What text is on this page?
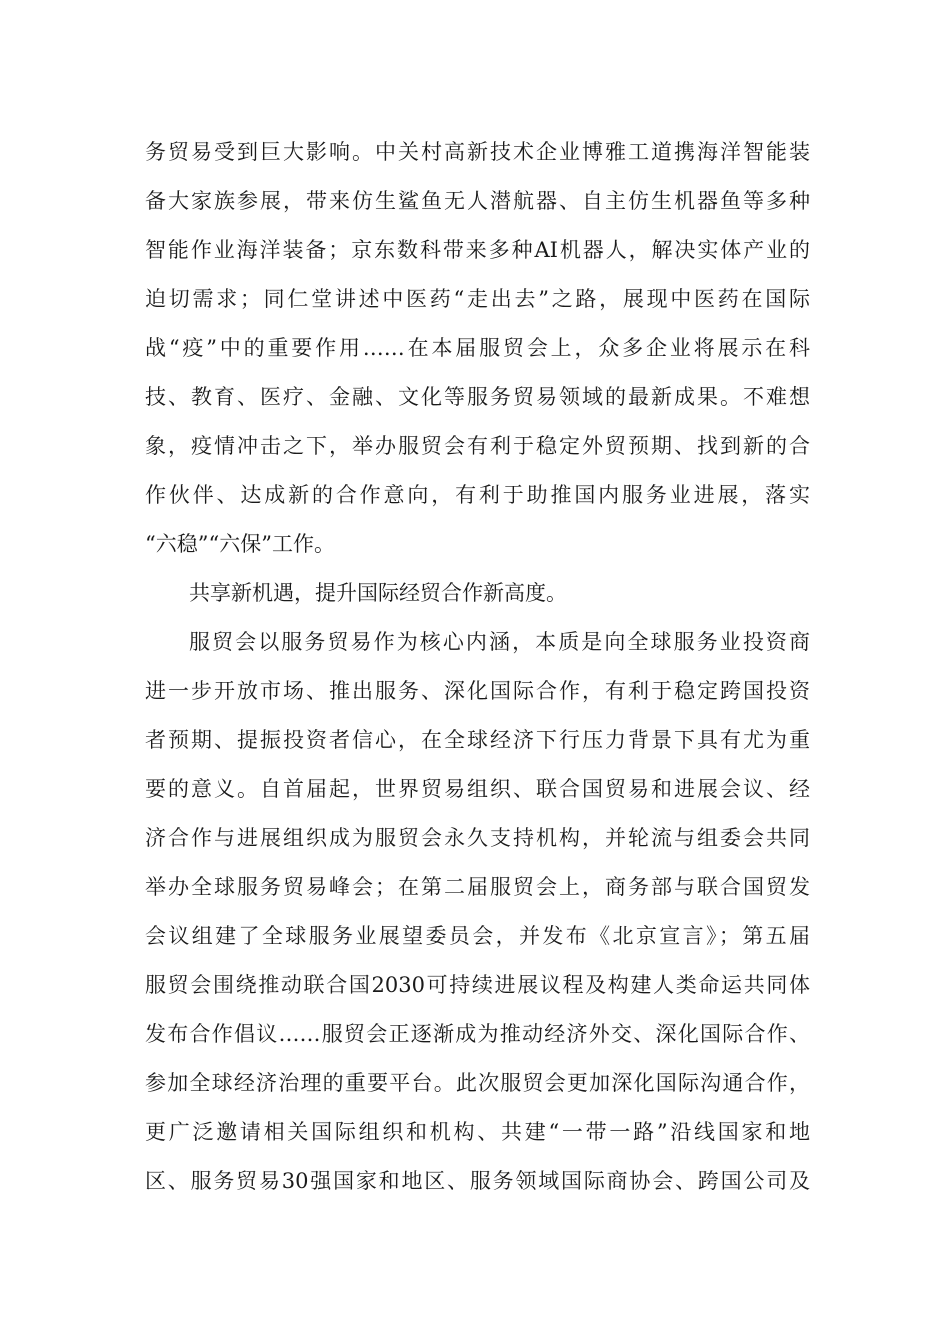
务贸易受到巨大影响。中关村高新技术企业博雅工道携海洋智能装
备大家族参展，带来仿生鲨鱼无人潜航器、自主仿生机器鱼等多种
智能作业海洋装备；京东数科带来多种AI机器人，解决实体产业的
迫切需求；同仁堂讲述中医药“走出去”之路，展现中医药在国际
战“疫”中的重要作用……在本届服贸会上，众多企业将展示在科
技、教育、医疗、金融、文化等服务贸易领域的最新成果。不难想
象，疫情冲击之下，举办服贸会有利于稳定外贸预期、找到新的合
作伙伴、达成新的合作意向，有利于助推国内服务业进展，落实
“六稳”“六保”工作。
共享新机遇，提升国际经贸合作新高度。
服贸会以服务贸易作为核心内涵，本质是向全球服务业投资商
进一步开放市场、推出服务、深化国际合作，有利于稳定跨国投资
者预期、提振投资者信心，在全球经济下行压力背景下具有尤为重
要的意义。自首届起，世界贸易组织、联合国贸易和进展会议、经
济合作与进展组织成为服贸会永久支持机构，并轮流与组委会共同
举办全球服务贸易峰会；在第二届服贸会上，商务部与联合国贸发
会议组建了全球服务业展望委员会，并发布《北京宣言》；第五届
服贸会围绕推动联合国2030可持续进展议程及构建人类命运共同体
发布合作倡议……服贸会正逐渐成为推动经济外交、深化国际合作、
参加全球经济治理的重要平台。此次服贸会更加深化国际沟通合作，
更广泛邀请相关国际组织和机构、共建“一带一路”沿线国家和地
区、服务贸易30强国家和地区、服务领域国际商协会、跨国公司及
